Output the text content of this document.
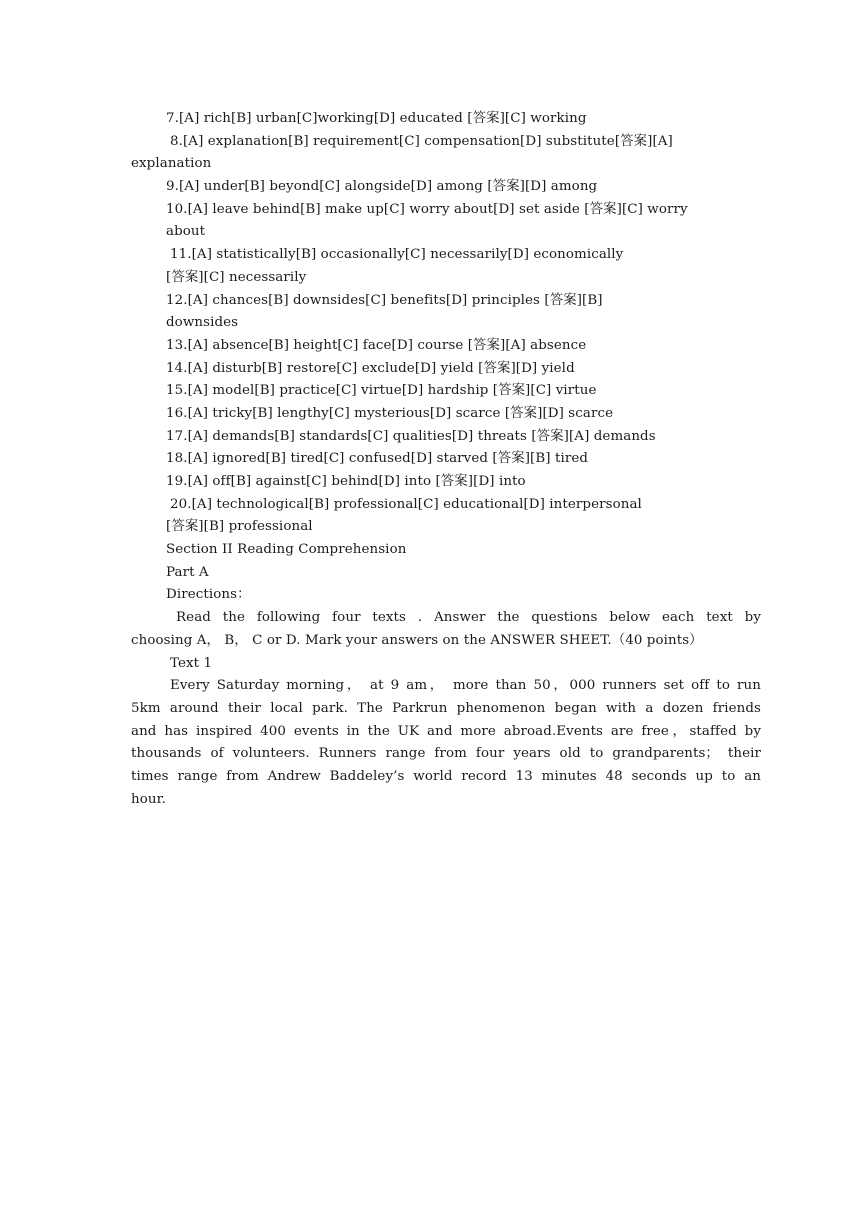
7.[A] rich[B] urban[C]working[D] educated [答案][C] working
8.[A] explanation[B] requirement[C] compensation[D] substitute[答案][A]
explanation
9.[A] under[B] beyond[C] alongside[D] among [答案][D] among
10.[A] leave behind[B] make up[C] worry about[D] set aside [答案][C] worry
about
11.[A] statistically[B] occasionally[C] necessarily[D] economically
[答案][C] necessarily
12.[A] chances[B] downsides[C] benefits[D] principles [答案][B]
downsides
13.[A] absence[B] height[C] face[D] course [答案][A] absence
14.[A] disturb[B] restore[C] exclude[D] yield [答案][D] yield
15.[A] model[B] practice[C] virtue[D] hardship [答案][C] virtue
16.[A] tricky[B] lengthy[C] mysterious[D] scarce [答案][D] scarce
17.[A] demands[B] standards[C] qualities[D] threats [答案][A] demands
18.[A] ignored[B] tired[C] confused[D] starved [答案][B] tired
19.[A] off[B] against[C] behind[D] into [答案][D] into
20.[A] technological[B] professional[C] educational[D] interpersonal
[答案][B] professional
Section II Reading Comprehension
Part A
Directions：
Read the following four texts . Answer the questions below each text by
choosing A， B， C or D. Mark your answers on the ANSWER SHEET.（40 points）
Text 1
Every Saturday morning， at 9 am， more than 50，000 runners set off to run
5km around their local park. The Parkrun phenomenon began with a dozen friends
and has inspired 400 events in the UK and more abroad.Events are free，staffed by
thousands of volunteers. Runners range from four years old to grandparents； their
times range from Andrew Baddeley’s world record 13 minutes 48 seconds up to an
hour.
